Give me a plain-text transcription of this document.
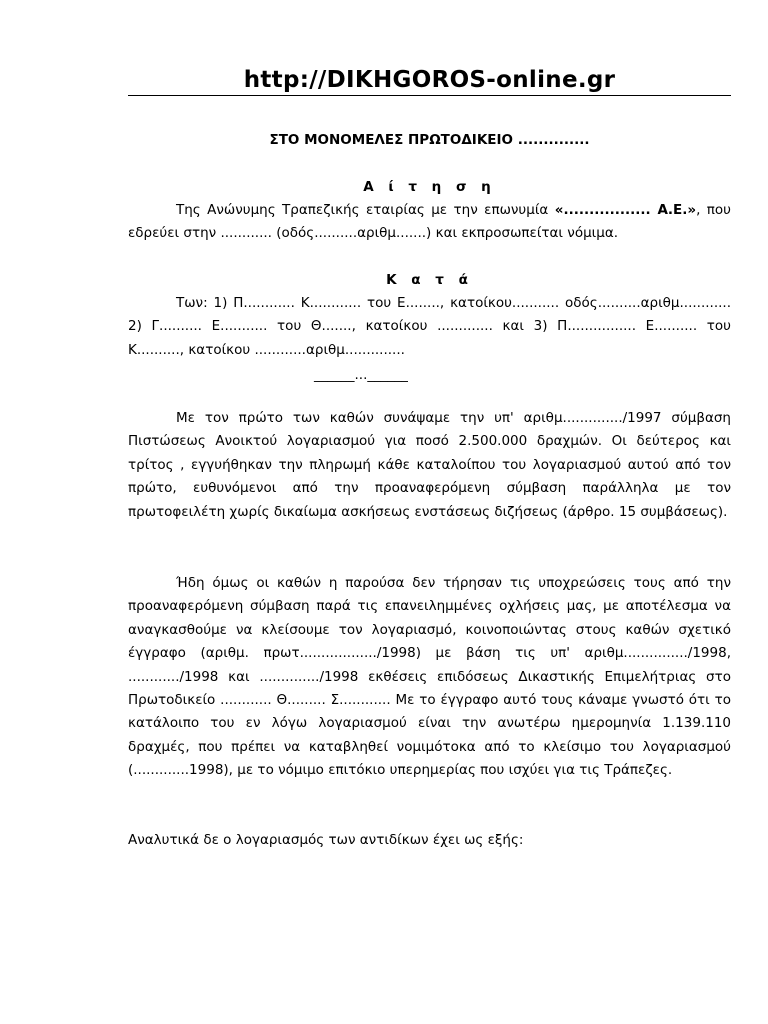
http://DIKHGOROS-online.gr
ΣΤΟ ΜΟΝΟΜΕΛΕΣ ΠΡΩΤΟΔΙΚΕΙΟ ..............
Α ί τ η σ η

Της Ανώνυμης Τραπεζικής εταιρίας με την επωνυμία «................. Α.Ε.», που εδρεύει στην ............ (οδός..........αριθμ.......) και εκπροσωπείται νόμιμα.

Κ α τ ά

Των: 1) Π............ Κ............ του Ε........, κατοίκου........... οδός..........αριθμ............ 2) Γ.......... Ε........... του Θ......., κατοίκου ............. και 3) Π................ Ε.......... του Κ.........., κατοίκου ............αριθμ..............

______...______

Με τον πρώτο των καθών συνάψαμε την υπ' αριθμ............../1997 σύμβαση Πιστώσεως Ανοικτού λογαριασμού για ποσό 2.500.000 δραχμών. Οι δεύτερος και τρίτος , εγγυήθηκαν την πληρωμή κάθε καταλοίπου του λογαριασμού αυτού από τον πρώτο, ευθυνόμενοι από την προαναφερόμενη σύμβαση παράλληλα με τον πρωτοφειλέτη χωρίς δικαίωμα ασκήσεως ενστάσεως διζήσεως (άρθρο. 15 συμβάσεως).

Ήδη όμως οι καθών η παρούσα δεν τήρησαν τις υποχρεώσεις τους από την προαναφερόμενη σύμβαση παρά τις επανειλημμένες οχλήσεις μας, με αποτέλεσμα να αναγκασθούμε να κλείσουμε τον λογαριασμό, κοινοποιώντας στους καθών σχετικό έγγραφο (αριθμ. πρωτ................../1998) με βάση τις υπ' αριθμ.............../1998, ............/1998 και ............../1998 εκθέσεις επιδόσεως Δικαστικής Επιμελήτριας στο Πρωτοδικείο ............ Θ......... Σ............ Με το έγγραφο αυτό τους κάναμε γνωστό ότι το κατάλοιπο του εν λόγω λογαριασμού είναι την ανωτέρω ημερομηνία 1.139.110 δραχμές, που πρέπει να καταβληθεί νομιμότοκα από το κλείσιμο του λογαριασμού (.............1998), με το νόμιμο επιτόκιο υπερημερίας που ισχύει για τις Τράπεζες.

Αναλυτικά δε ο λογαριασμός των αντιδίκων έχει ως εξής:
